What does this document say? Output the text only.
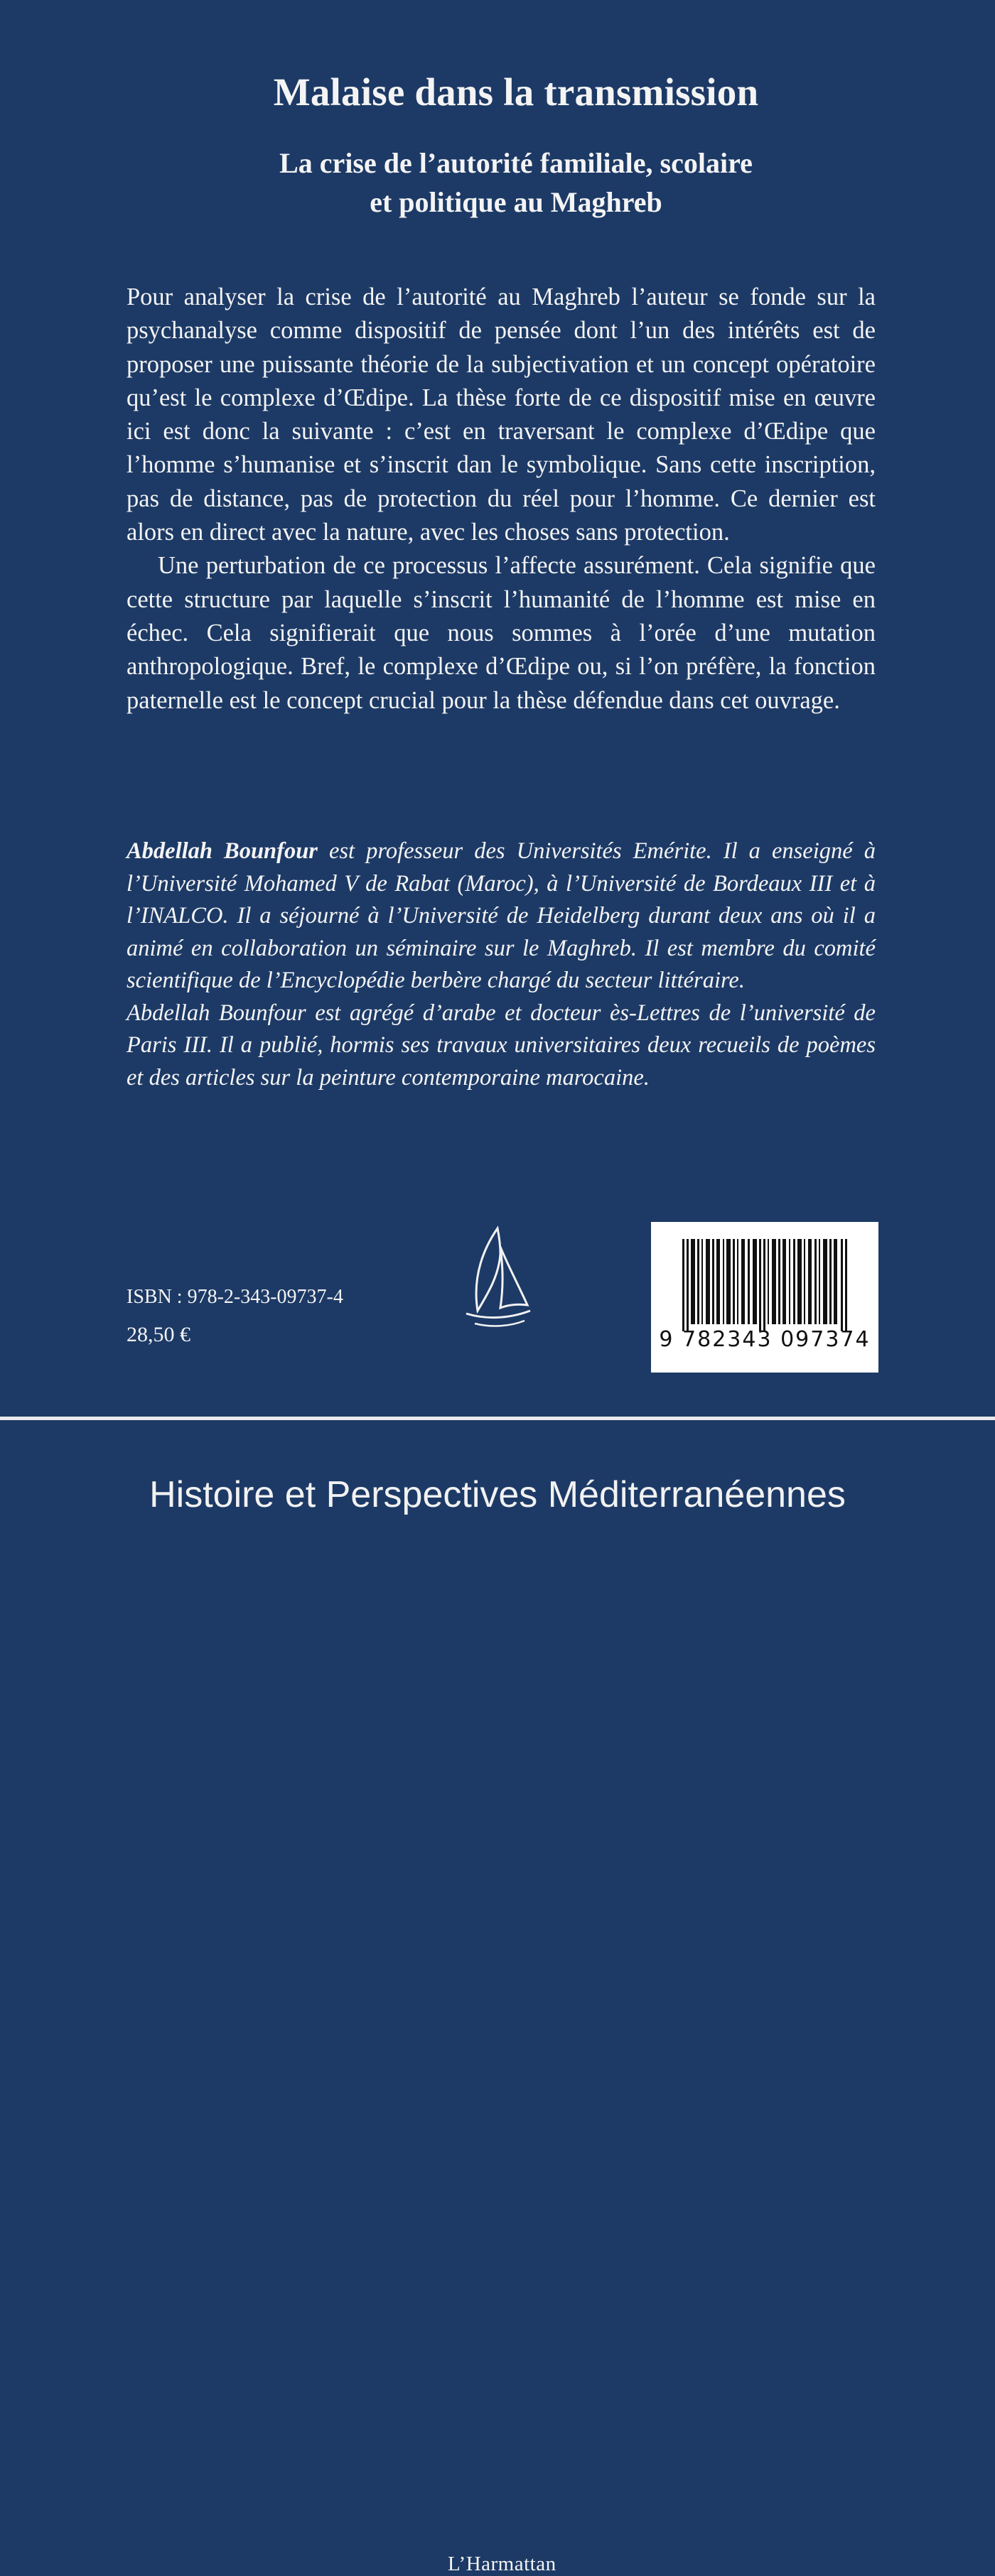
Malaise dans la transmission
La crise de l’autorité familiale, scolaire
et politique au Maghreb

Pour analyser la crise de l’autorité au Maghreb l’auteur se fonde sur la psychanalyse comme dispositif de pensée dont l’un des intérêts est de proposer une puissante théorie de la subjectivation et un concept opératoire qu’est le complexe d’Œdipe. La thèse forte de ce dispositif mise en œuvre ici est donc la suivante : c’est en traversant le complexe d’Œdipe que l’homme s’humanise et s’inscrit dan le symbolique. Sans cette inscription, pas de distance, pas de protection du réel pour l’homme. Ce dernier est alors en direct avec la nature, avec les choses sans protection.

Une perturbation de ce processus l’affecte assurément. Cela signifie que cette structure par laquelle s’inscrit l’humanité de l’homme est mise en échec. Cela signifierait que nous sommes à l’orée d’une mutation anthropologique. Bref, le complexe d’Œdipe ou, si l’on préfère, la fonction paternelle est le concept crucial pour la thèse défendue dans cet ouvrage.

Abdellah Bounfour est professeur des Universités Emérite. Il a enseigné à l’Université Mohamed V de Rabat (Maroc), à l’Université de Bordeaux III et à l’INALCO. Il a séjourné à l’Université de Heidelberg durant deux ans où il a animé en collaboration un séminaire sur le Maghreb. Il est membre du comité scientifique de l’Encyclopédie berbère chargé du secteur littéraire.

Abdellah Bounfour est agrégé d’arabe et docteur ès-Lettres de l’université de Paris III. Il a publié, hormis ses travaux universitaires deux recueils de poèmes et des articles sur la peinture contemporaine marocaine.

ISBN : 978-2-343-09737-4
28,50 €
L’Harmattan
9 782343 097374
Histoire et Perspectives Méditerranéennes
